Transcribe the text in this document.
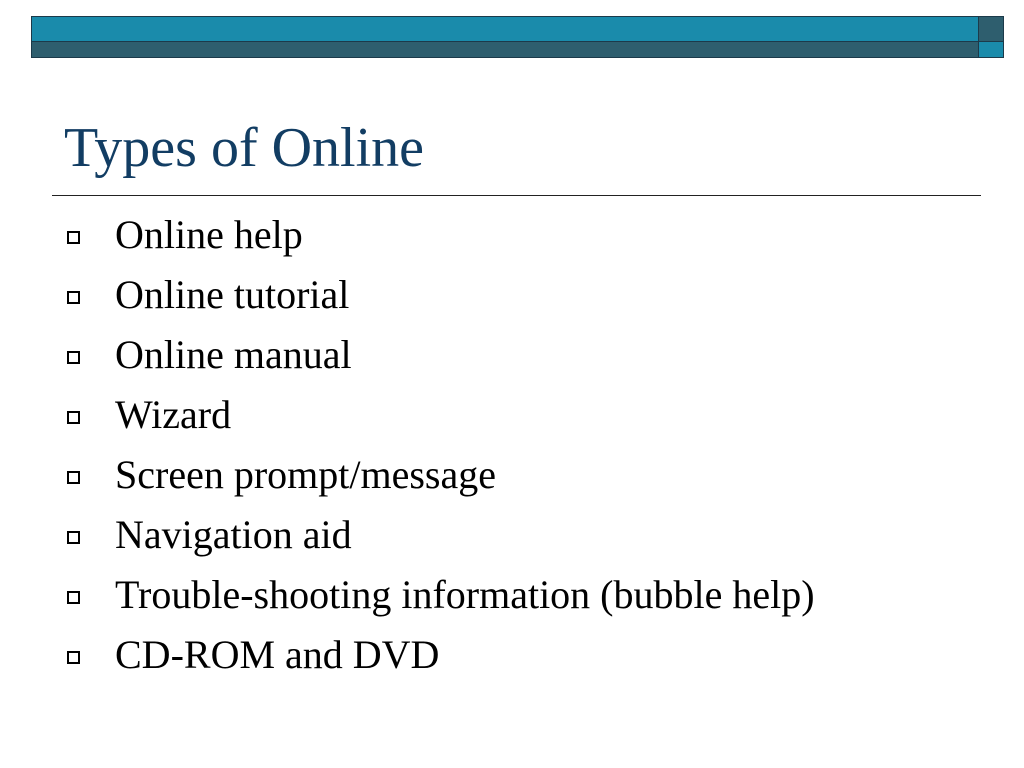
Types of Online
Online help
Online tutorial
Online manual
Wizard
Screen prompt/message
Navigation aid
Trouble-shooting information (bubble help)
CD-ROM and DVD
